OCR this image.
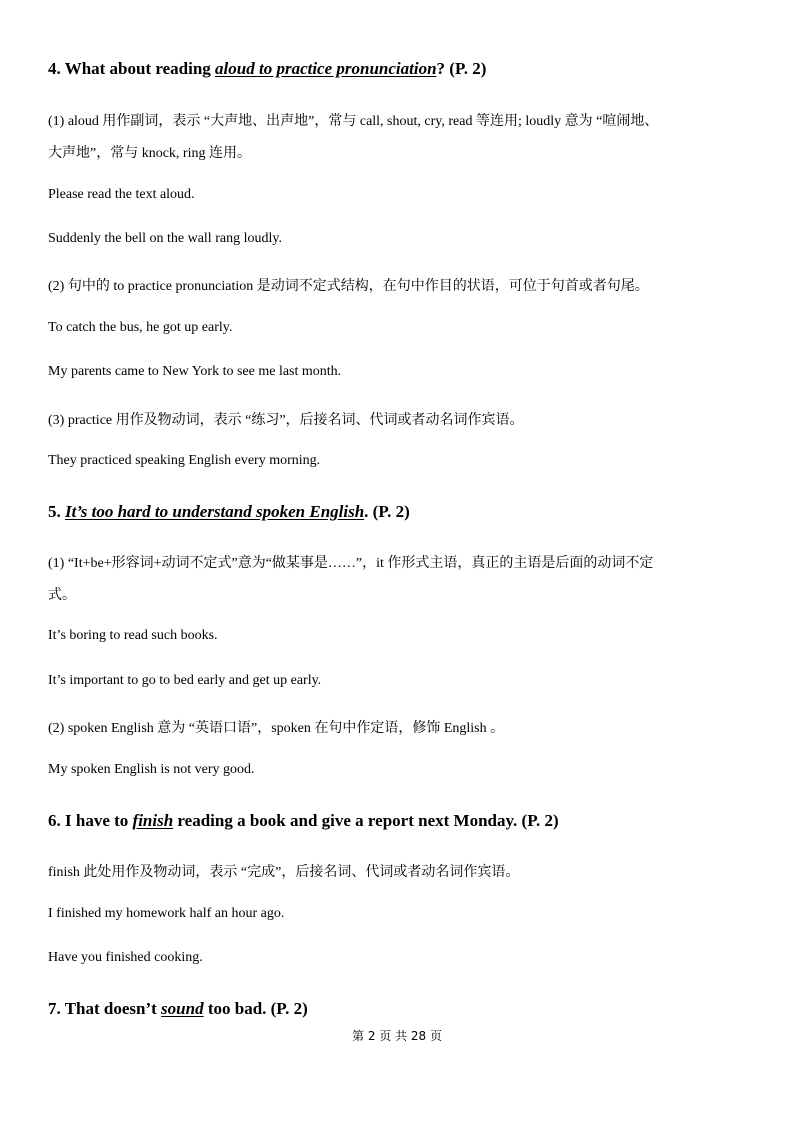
4. What about reading aloud to practice pronunciation? (P. 2)
(1) aloud 用作副词，表示 “大声地、出声地”，常与 call, shout, cry, read 等连用; loudly 意为 “喧闹地、
大声地”，常与 knock, ring 连用。
Please read the text aloud.
Suddenly the bell on the wall rang loudly.
(2) 句中的 to practice pronunciation 是动词不定式结构，在句中作目的状语，可位于句首或者句尾。
To catch the bus, he got up early.
My parents came to New York to see me last month.
(3) practice 用作及物动词，表示 “练习”，后接名词、代词或者动名词作宾语。
They practiced speaking English every morning.
5. It’s too hard to understand spoken English. (P. 2)
(1) “It+be+形容词+动词不定式”意为“做某事是……”，it 作形式主语，真正的主语是后面的动词不定
式。
It’s boring to read such books.
It’s important to go to bed early and get up early.
(2) spoken English 意为 “英语口语”，spoken 在句中作定语，修饰 English 。
My spoken English is not very good.
6. I have to finish reading a book and give a report next Monday. (P. 2)
finish 此处用作及物动词，表示 “完成”，后接名词、代词或者动名词作宾语。
I finished my homework half an hour ago.
Have you finished cooking.
7. That doesn’t sound too bad. (P. 2)
第 2 页 共 28 页
